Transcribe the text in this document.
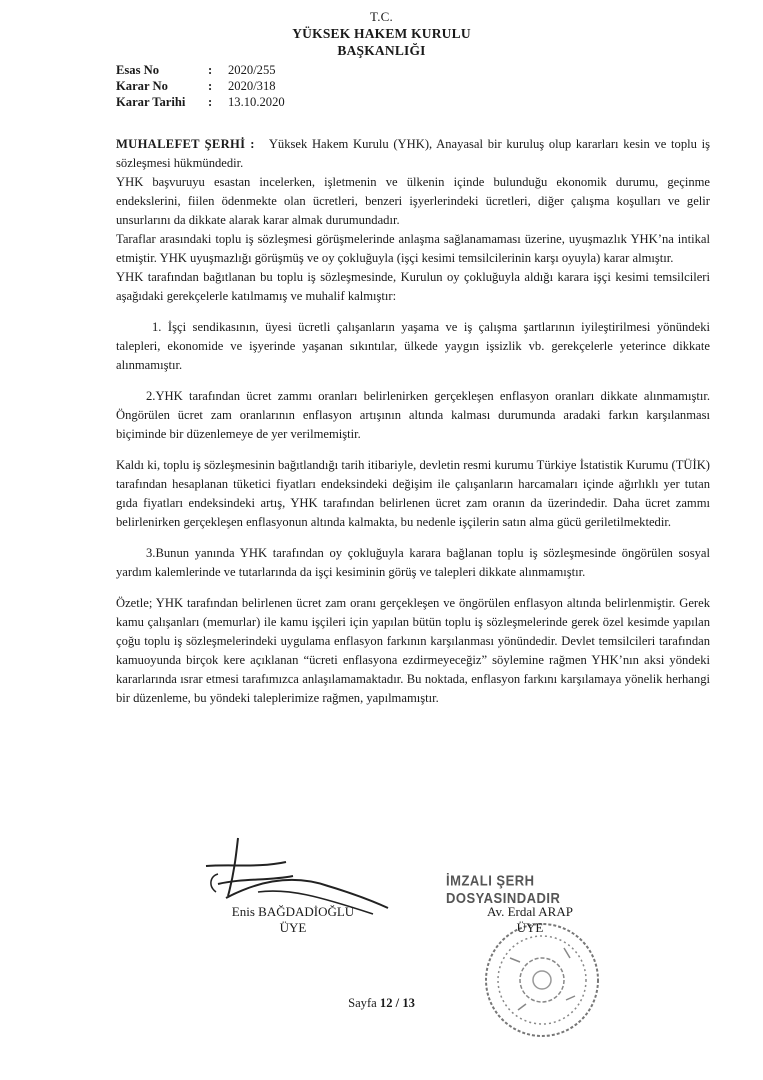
T.C.
YÜKSEK HAKEM KURULU
BAŞKANLIĞI
Esas No	: 2020/255
Karar No	: 2020/318
Karar Tarihi : 13.10.2020

MUHALEFET ŞERHİ : Yüksek Hakem Kurulu (YHK), Anayasal bir kuruluş olup kararları kesin ve toplu iş sözleşmesi hükmündedir.

YHK başvuruyu esastan incelerken, işletmenin ve ülkenin içinde bulunduğu ekonomik durumu, geçinme endekslerini, fiilen ödenmekte olan ücretleri, benzeri işyerlerindeki ücretleri, diğer çalışma koşulları ve gelir unsurlarını da dikkate alarak karar almak durumundadır.

Taraflar arasındaki toplu iş sözleşmesi görüşmelerinde anlaşma sağlanamaması üzerine, uyuşmazlık YHK’na intikal etmiştir. YHK uyuşmazlığı görüşmüş ve oy çokluğuyla (işçi kesimi temsilcilerinin karşı oyuyla) karar almıştır.

YHK tarafından bağıtlanan bu toplu iş sözleşmesinde, Kurulun oy çokluğuyla aldığı karara işçi kesimi temsilcileri aşağıdaki gerekçelerle katılmamış ve muhalif kalmıştır:

1. İşçi sendikasının, üyesi ücretli çalışanların yaşama ve iş çalışma şartlarının iyileştirilmesi yönündeki talepleri, ekonomide ve işyerinde yaşanan sıkıntılar, ülkede yaygın işsizlik vb. gerekçelerle yeterince dikkate alınmamıştır.

2.YHK tarafından ücret zammı oranları belirlenirken gerçekleşen enflasyon oranları dikkate alınmamıştır. Öngörülen ücret zam oranlarının enflasyon artışının altında kalması durumunda aradaki farkın karşılanması biçiminde bir düzenlemeye de yer verilmemiştir.

Kaldı ki, toplu iş sözleşmesinin bağıtlandığı tarih itibariyle, devletin resmi kurumu Türkiye İstatistik Kurumu (TÜİK) tarafından hesaplanan tüketici fiyatları endeksindeki değişim ile çalışanların harcamaları içinde ağırlıklı yer tutan gıda fiyatları endeksindeki artış, YHK tarafından belirlenen ücret zam oranın da üzerindedir. Daha ücret zammı belirlenirken gerçekleşen enflasyonun altında kalmakta, bu nedenle işçilerin satın alma gücü geriletilmektedir.

3.Bunun yanında YHK tarafından oy çokluğuyla karara bağlanan toplu iş sözleşmesinde öngörülen sosyal yardım kalemlerinde ve tutarlarında da işçi kesiminin görüş ve talepleri dikkate alınmamıştır.

Özetle; YHK tarafından belirlenen ücret zam oranı gerçekleşen ve öngörülen enflasyon altında belirlenmiştir. Gerek kamu çalışanları (memurlar) ile kamu işçileri için yapılan bütün toplu iş sözleşmelerinde gerek özel kesimde yapılan çoğu toplu iş sözleşmelerindeki uygulama enflasyon farkının karşılanması yönündedir. Devlet temsilcileri tarafından kamuoyunda birçok kere açıklanan “ücreti enflasyona ezdirmeyeceğiz” söylemine rağmen YHK’nın aksi yöndeki kararlarında ısrar etmesi tarafımızca anlaşılamamaktadır. Bu noktada, enflasyon farkını karşılamaya yönelik herhangi bir düzenleme, bu yöndeki taleplerimize rağmen, yapılmamıştır.

Enis BAĞDADİOĞLU
ÜYE
İMZALI ŞERH DOSYASINDADIR
Av. Erdal ARAP
ÜYE
Sayfa 12 / 13
